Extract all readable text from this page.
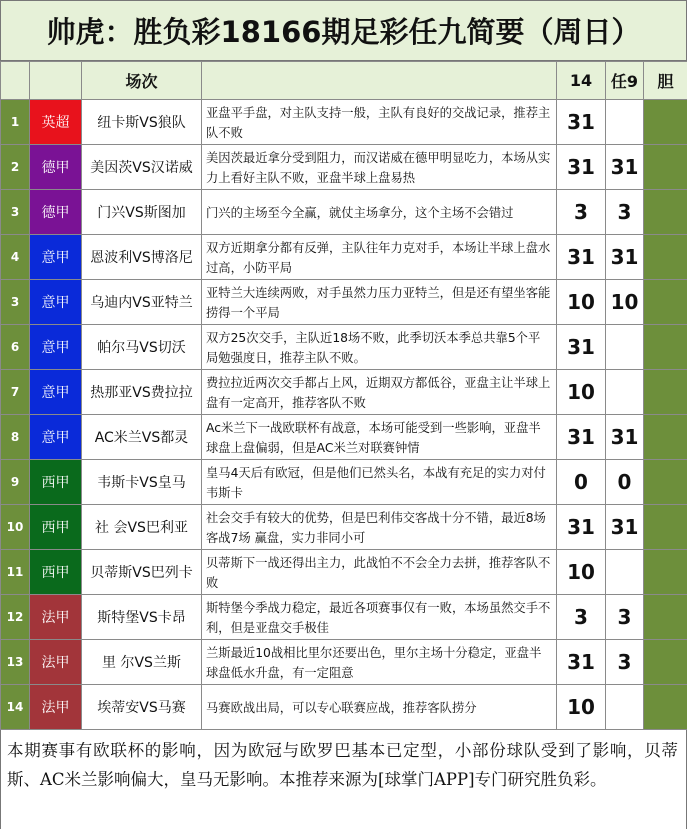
帅虎：胜负彩18166期足彩任九简要（周日）
		场次		14	任9	胆
1	英超	纽卡斯VS狼队	亚盘平手盘，对主队支持一般，主队有良好的交战记录，推荐主队不败	31		
2	德甲	美因茨VS汉诺威	美因茨最近拿分受到阻力，而汉诺威在德甲明显吃力，本场从实力上看好主队不败，亚盘半球上盘易热	31	31	
3	德甲	门兴VS斯图加	门兴的主场至今全赢，就仗主场拿分，这个主场不会错过	3	3	
4	意甲	恩波利VS博洛尼	双方近期拿分都有反弹，主队往年力克对手，本场让半球上盘水过高，小防平局	31	31	
3	意甲	乌迪内VS亚特兰	亚特兰大连续两败，对手虽然力压力亚特兰，但是还有望坐客能捞得一个平局	10	10	
6	意甲	帕尔马VS切沃	双方25次交手，主队近18场不败，此季切沃本季总共靠5个平局勉强度日，推荐主队不败。	31		
7	意甲	热那亚VS费拉拉	费拉拉近两次交手都占上风，近期双方都低谷，亚盘主让半球上盘有一定高开，推荐客队不败	10		
8	意甲	AC米兰VS都灵	Ac米兰下一战欧联杯有战意，本场可能受到一些影响，亚盘半球盘上盘偏弱，但是AC米兰对联赛钟情	31	31	
9	西甲	韦斯卡VS皇马	皇马4天后有欧冠，但是他们已然头名，本战有充足的实力对付韦斯卡	0	0	
10	西甲	社 会VS巴利亚	社会交手有较大的优势，但是巴利伟交客战十分不错，最近8场客战7场 赢盘，实力非同小可	31	31	
11	西甲	贝蒂斯VS巴列卡	贝蒂斯下一战还得出主力，此战怕不不会全力去拼，推荐客队不败	10		
12	法甲	斯特堡VS卡昂	斯特堡今季战力稳定，最近各项赛事仅有一败，本场虽然交手不利，但是亚盘交手极佳	3	3	
13	法甲	里 尔VS兰斯	兰斯最近10战相比里尔还要出色，里尔主场十分稳定，亚盘半球盘低水升盘，有一定阻意	31	3	
14	法甲	埃蒂安VS马赛	马赛欧战出局，可以专心联赛应战，推荐客队捞分	10		
本期赛事有欧联杯的影响，因为欧冠与欧罗巴基本已定型，小部份球队受到了影响，贝蒂斯、AC米兰影响偏大，皇马无影响。本推荐来源为[球掌门APP]专门研究胜负彩。
